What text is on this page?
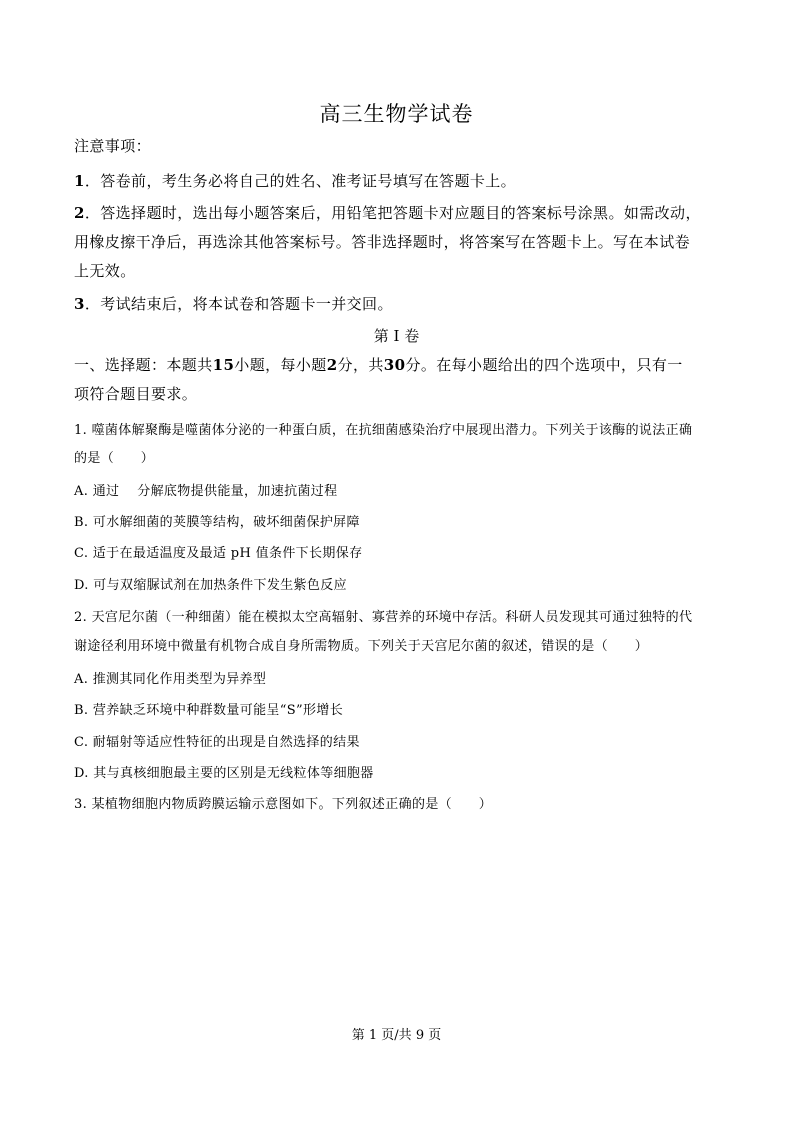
高三生物学试卷
注意事项：
1．答卷前，考生务必将自己的姓名、准考证号填写在答题卡上。
2．答选择题时，选出每小题答案后，用铅笔把答题卡对应题目的答案标号涂黑。如需改动，
用橡皮擦干净后，再选涂其他答案标号。答非选择题时，将答案写在答题卡上。写在本试卷
上无效。
3．考试结束后，将本试卷和答题卡一并交回。
第 I 卷
一、选择题：本题共15小题，每小题2分，共30分。在每小题给出的四个选项中，只有一
项符合题目要求。
1. 噬菌体解聚酶是噬菌体分泌的一种蛋白质，在抗细菌感染治疗中展现出潜力。下列关于该酶的说法正确
的是（　　）
A. 通过　 分解底物提供能量，加速抗菌过程
B. 可水解细菌的荚膜等结构，破坏细菌保护屏障
C. 适于在最适温度及最适 pH 值条件下长期保存
D. 可与双缩脲试剂在加热条件下发生紫色反应
2. 天宫尼尔菌（一种细菌）能在模拟太空高辐射、寡营养的环境中存活。科研人员发现其可通过独特的代
谢途径利用环境中微量有机物合成自身所需物质。下列关于天宫尼尔菌的叙述，错误的是（　　）
A. 推测其同化作用类型为异养型
B. 营养缺乏环境中种群数量可能呈“S”形增长
C. 耐辐射等适应性特征的出现是自然选择的结果
D. 其与真核细胞最主要的区别是无线粒体等细胞器
3. 某植物细胞内物质跨膜运输示意图如下。下列叙述正确的是（　　）
第 1 页/共 9 页
